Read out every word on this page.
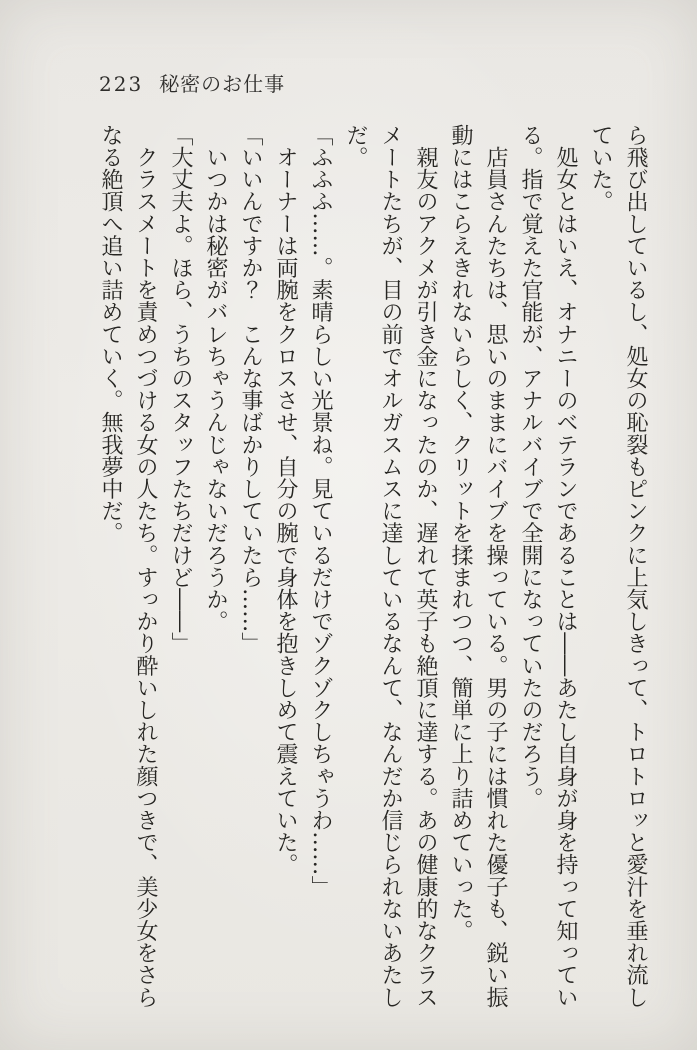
223 秘密のお仕事

ら飛び出しているし、処女の恥裂もピンクに上気しきって、トロトロッと愛汁を垂れ流していた。

　処女とはいえ、オナニーのベテランであることは――あたし自身が身を持って知っている。指で覚えた官能が、アナルバイブで全開になっていたのだろう。

　店員さんたちは、思いのままにバイブを操っている。男の子には慣れた優子も、鋭い振動にはこらえきれないらしく、クリットを揉まれつつ、簡単に上り詰めていった。

　親友のアクメが引き金になったのか、遅れて英子も絶頂に達する。あの健康的なクラスメートたちが、目の前でオルガスムスに達しているなんて、なんだか信じられないあたしだ。

「ふふふ……。素晴らしい光景ね。見ているだけでゾクゾクしちゃうわ……」

　オーナーは両腕をクロスさせ、自分の腕で身体を抱きしめて震えていた。

「いいんですか？　こんな事ばかりしていたら……」

　いつかは秘密がバレちゃうんじゃないだろうか。

「大丈夫よ。ほら、うちのスタッフたちだけど――」

　クラスメートを責めつづける女の人たち。すっかり酔いしれた顔つきで、美少女をさらなる絶頂へ追い詰めていく。無我夢中だ。
